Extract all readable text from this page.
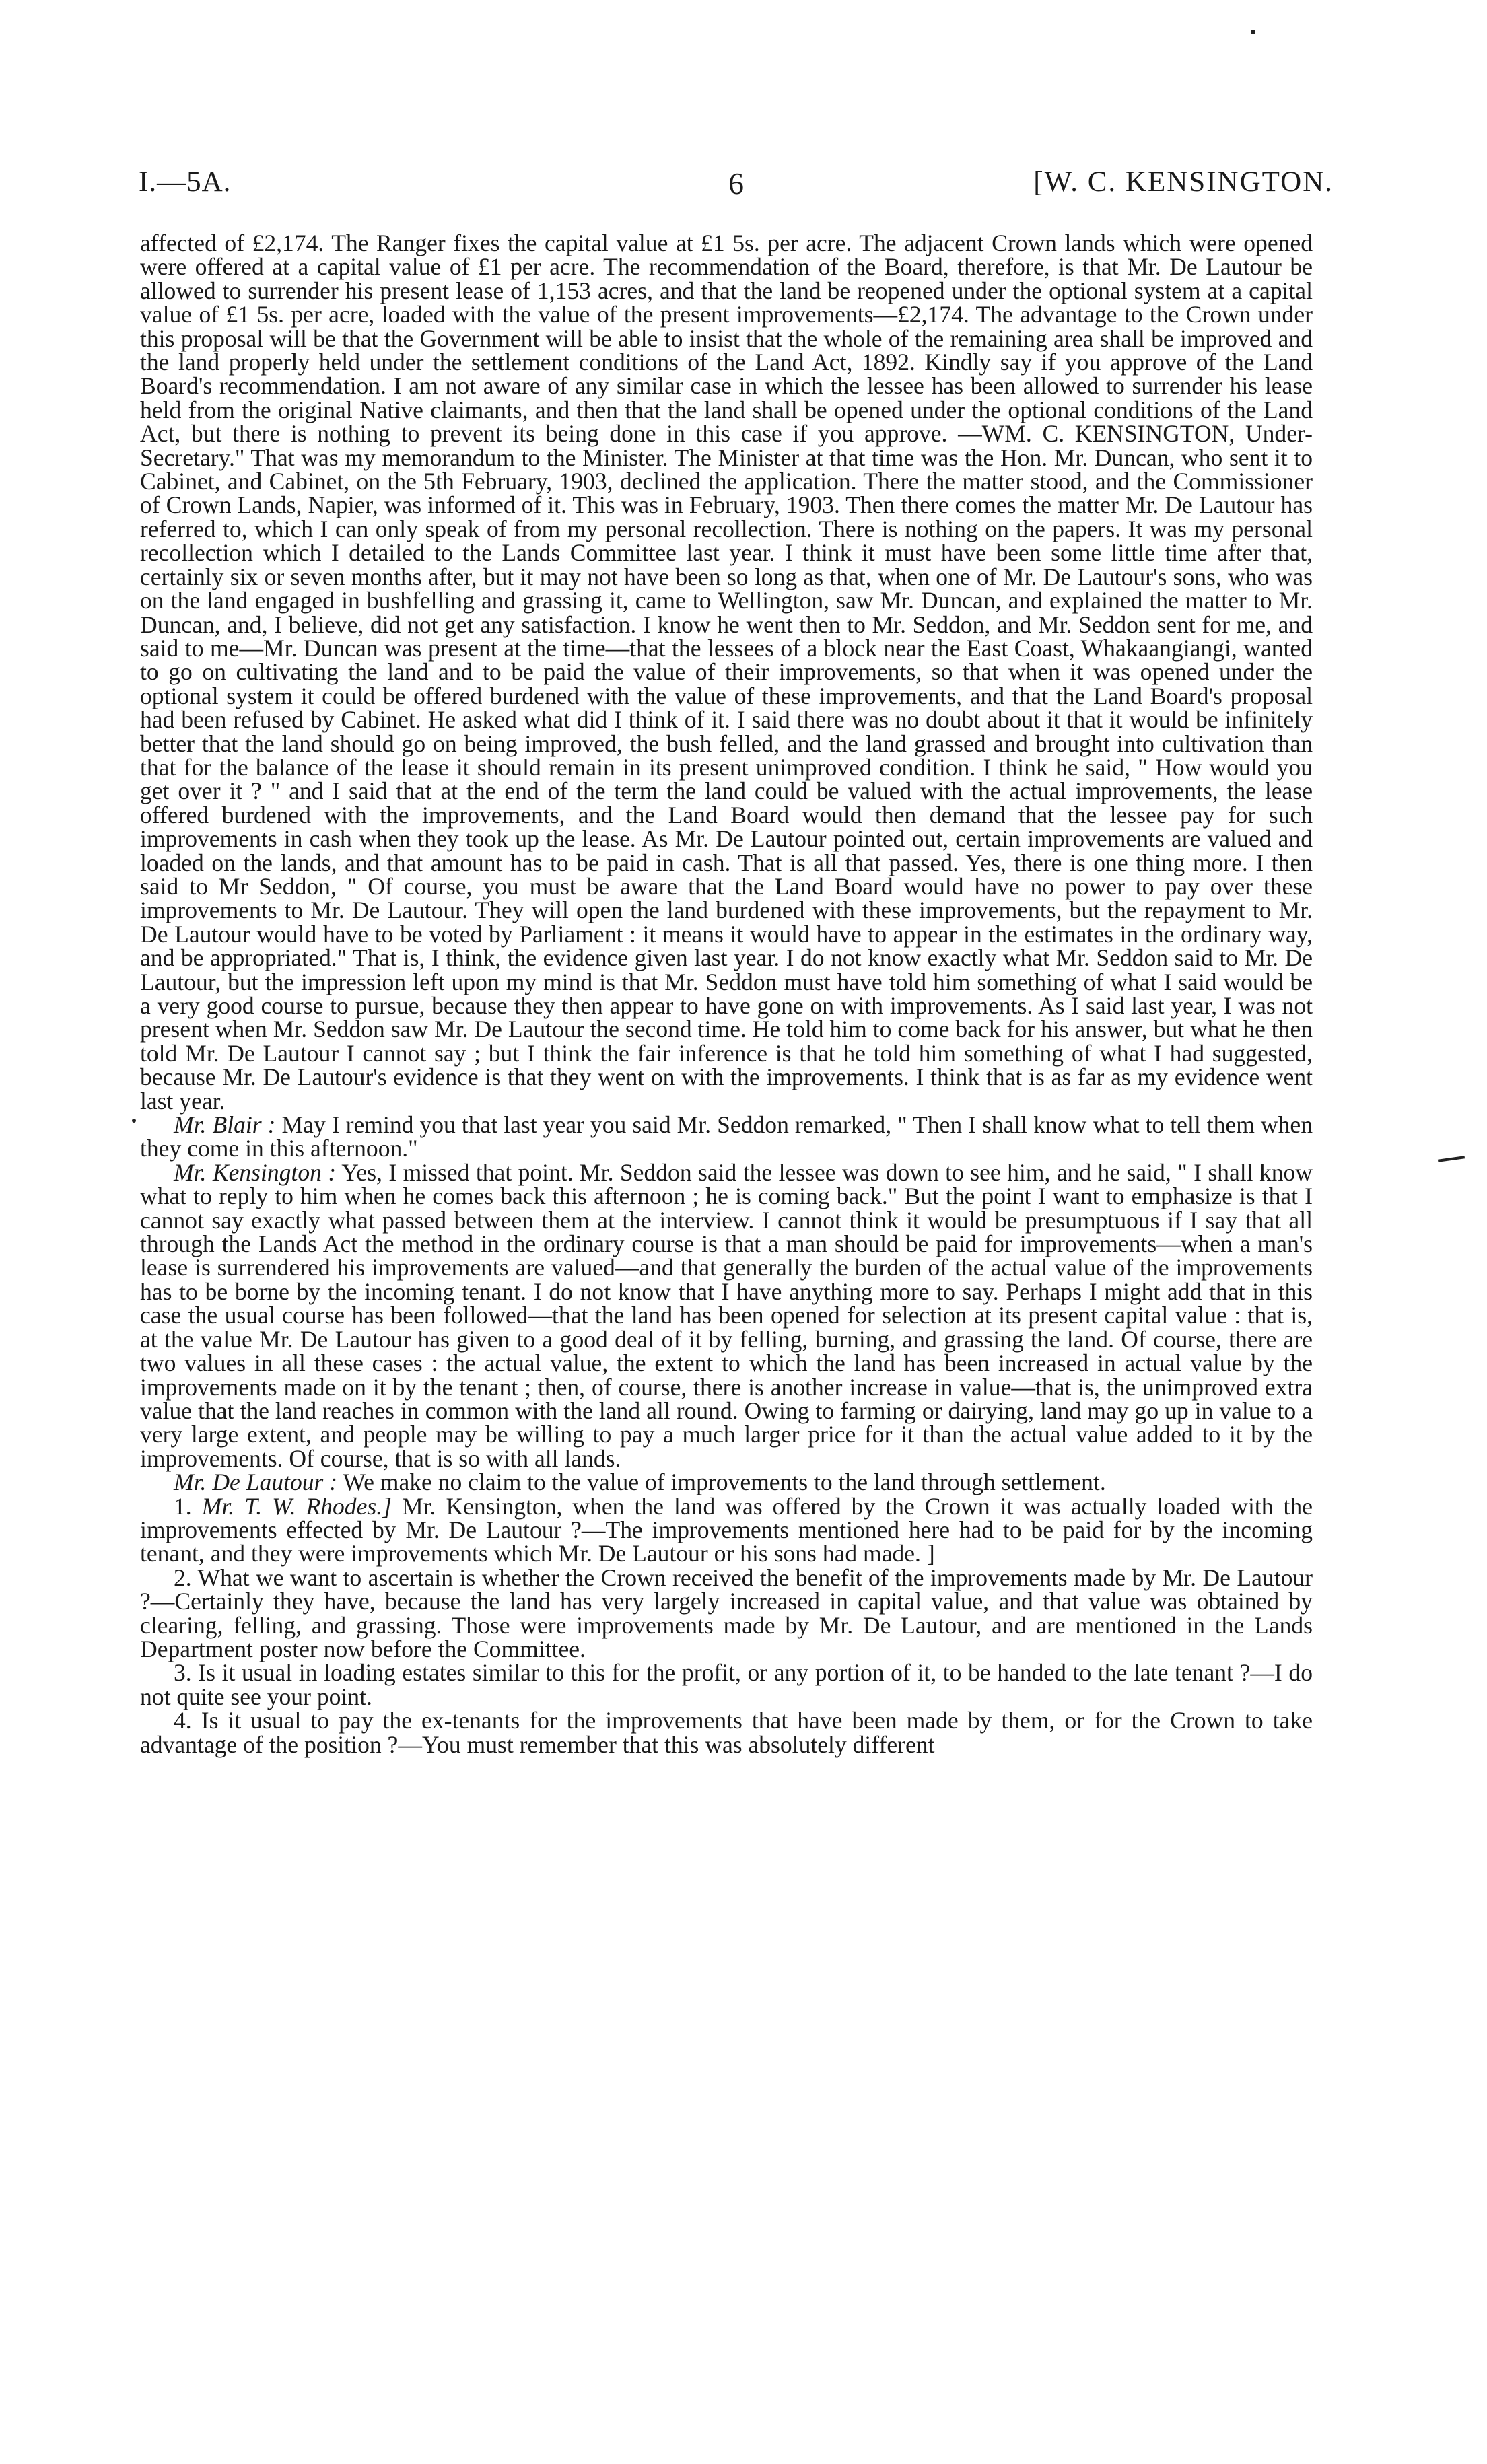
I.—5A.	6	[W. C. KENSINGTON.

affected of £2,174. The Ranger fixes the capital value at £1 5s. per acre. The adjacent Crown lands which were opened were offered at a capital value of £1 per acre. The recommendation of the Board, therefore, is that Mr. De Lautour be allowed to surrender his present lease of 1,153 acres, and that the land be reopened under the optional system at a capital value of £1 5s. per acre, loaded with the value of the present improvements—£2,174. The advantage to the Crown under this proposal will be that the Government will be able to insist that the whole of the remaining area shall be improved and the land properly held under the settlement conditions of the Land Act, 1892. Kindly say if you approve of the Land Board's recommendation. I am not aware of any similar case in which the lessee has been allowed to surrender his lease held from the original Native claimants, and then that the land shall be opened under the optional conditions of the Land Act, but there is nothing to prevent its being done in this case if you approve. —WM. C. KENSINGTON, Under-Secretary." That was my memorandum to the Minister. The Minister at that time was the Hon. Mr. Duncan, who sent it to Cabinet, and Cabinet, on the 5th February, 1903, declined the application. There the matter stood, and the Commissioner of Crown Lands, Napier, was informed of it. This was in February, 1903. Then there comes the matter Mr. De Lautour has referred to, which I can only speak of from my personal recollection. There is nothing on the papers. It was my personal recollection which I detailed to the Lands Committee last year. I think it must have been some little time after that, certainly six or seven months after, but it may not have been so long as that, when one of Mr. De Lautour's sons, who was on the land engaged in bushfelling and grassing it, came to Wellington, saw Mr. Duncan, and explained the matter to Mr. Duncan, and, I believe, did not get any satisfaction. I know he went then to Mr. Seddon, and Mr. Seddon sent for me, and said to me—Mr. Duncan was present at the time—that the lessees of a block near the East Coast, Whakaangiangi, wanted to go on cultivating the land and to be paid the value of their improvements, so that when it was opened under the optional system it could be offered burdened with the value of these improvements, and that the Land Board's proposal had been refused by Cabinet. He asked what did I think of it. I said there was no doubt about it that it would be infinitely better that the land should go on being improved, the bush felled, and the land grassed and brought into cultivation than that for the balance of the lease it should remain in its present unimproved condition. I think he said, " How would you get over it ? " and I said that at the end of the term the land could be valued with the actual improvements, the lease offered burdened with the improvements, and the Land Board would then demand that the lessee pay for such improvements in cash when they took up the lease. As Mr. De Lautour pointed out, certain improvements are valued and loaded on the lands, and that amount has to be paid in cash. That is all that passed. Yes, there is one thing more. I then said to Mr Seddon, " Of course, you must be aware that the Land Board would have no power to pay over these improvements to Mr. De Lautour. They will open the land burdened with these improvements, but the repayment to Mr. De Lautour would have to be voted by Parliament : it means it would have to appear in the estimates in the ordinary way, and be appropriated." That is, I think, the evidence given last year. I do not know exactly what Mr. Seddon said to Mr. De Lautour, but the impression left upon my mind is that Mr. Seddon must have told him something of what I said would be a very good course to pursue, because they then appear to have gone on with improvements. As I said last year, I was not present when Mr. Seddon saw Mr. De Lautour the second time. He told him to come back for his answer, but what he then told Mr. De Lautour I cannot say ; but I think the fair inference is that he told him something of what I had suggested, because Mr. De Lautour's evidence is that they went on with the improvements. I think that is as far as my evidence went last year.

Mr. Blair : May I remind you that last year you said Mr. Seddon remarked, " Then I shall know what to tell them when they come in this afternoon."

Mr. Kensington : Yes, I missed that point. Mr. Seddon said the lessee was down to see him, and he said, " I shall know what to reply to him when he comes back this afternoon ; he is coming back." But the point I want to emphasize is that I cannot say exactly what passed between them at the interview. I cannot think it would be presumptuous if I say that all through the Lands Act the method in the ordinary course is that a man should be paid for improvements—when a man's lease is surrendered his improvements are valued—and that generally the burden of the actual value of the improvements has to be borne by the incoming tenant. I do not know that I have anything more to say. Perhaps I might add that in this case the usual course has been followed—that the land has been opened for selection at its present capital value : that is, at the value Mr. De Lautour has given to a good deal of it by felling, burning, and grassing the land. Of course, there are two values in all these cases : the actual value, the extent to which the land has been increased in actual value by the improvements made on it by the tenant ; then, of course, there is another increase in value—that is, the unimproved extra value that the land reaches in common with the land all round. Owing to farming or dairying, land may go up in value to a very large extent, and people may be willing to pay a much larger price for it than the actual value added to it by the improvements. Of course, that is so with all lands.

Mr. De Lautour : We make no claim to the value of improvements to the land through settlement.

1. Mr. T. W. Rhodes.] Mr. Kensington, when the land was offered by the Crown it was actually loaded with the improvements effected by Mr. De Lautour ?—The improvements mentioned here had to be paid for by the incoming tenant, and they were improvements which Mr. De Lautour or his sons had made. ]

2. What we want to ascertain is whether the Crown received the benefit of the improvements made by Mr. De Lautour ?—Certainly they have, because the land has very largely increased in capital value, and that value was obtained by clearing, felling, and grassing. Those were improvements made by Mr. De Lautour, and are mentioned in the Lands Department poster now before the Committee.

3. Is it usual in loading estates similar to this for the profit, or any portion of it, to be handed to the late tenant ?—I do not quite see your point.

4. Is it usual to pay the ex-tenants for the improvements that have been made by them, or for the Crown to take advantage of the position ?—You must remember that this was absolutely different
